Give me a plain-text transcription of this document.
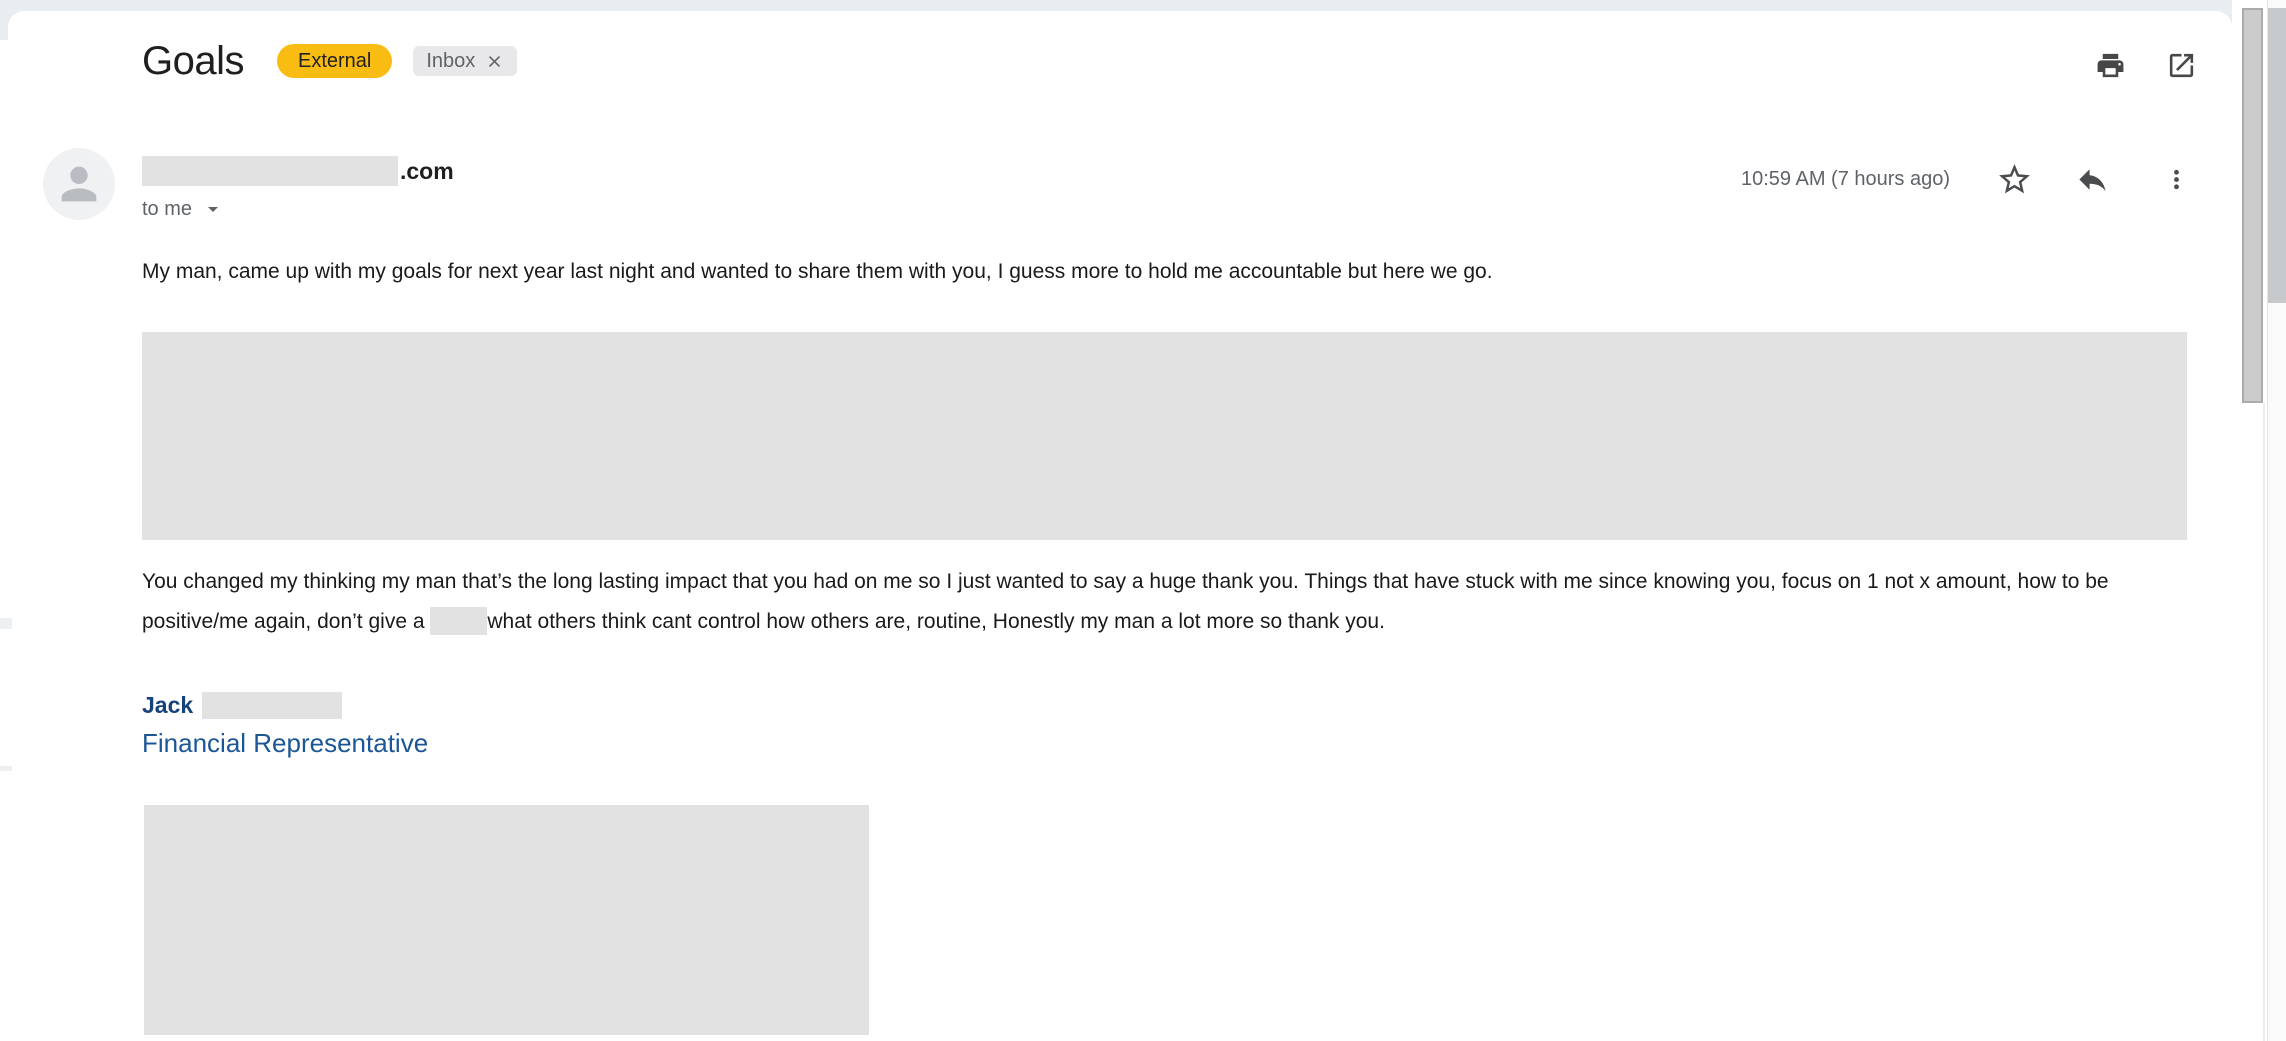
Goals	External	Inbox
.com
to me
10:59 AM (7 hours ago)
My man, came up with my goals for next year last night and wanted to share them with you, I guess more to hold me accountable but here we go.
You changed my thinking my man that’s the long lasting impact that you had on me so I just wanted to say a huge thank you. Things that have stuck with me since knowing you, focus on 1 not x amount, how to be positive/me again, don’t give a	what others think cant control how others are, routine, Honestly my man a lot more so thank you.
Jack
Financial Representative
